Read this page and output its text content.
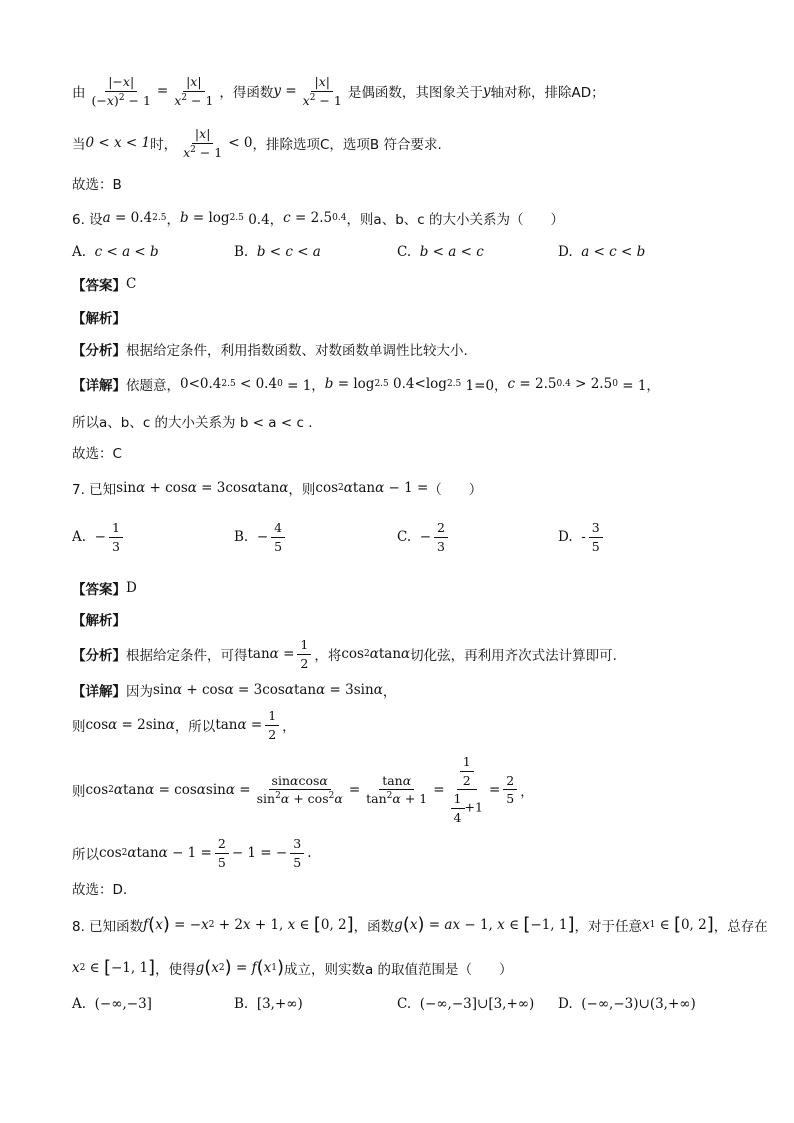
由 $\frac{|-x|}{(-x)^2 - 1} = \frac{|x|}{x^2 - 1}$ ，得函数 $y = \frac{|x|}{x^2 - 1}$ 是偶函数，其图象关于 y 轴对称，排除AD；
当 0 < x < 1 时， $\frac{|x|}{x^2 - 1} < 0$ ，排除选项C，选项B 符合要求.
故选：B
6. 设 a = 0.4 2.5 ， b = log 2.5 0.4， c = 2.5 0.4 ，则a、b、c 的大小关系为（　　）
A.
c < a < b	B.
b < c < a	C.
b < a < c	D.
a < c < b
【答案】 C
【解析】
【分析】 根据给定条件，利用指数函数、对数函数单调性比较大小.
【详解】 依题意， 0<0.4 2.5 < 0.4 0 = 1， b = log 2.5 0.4<log 2.5 1=0， c = 2.5 0.4 > 2.5 0 = 1，
所以a、b、c 的大小关系为 b < a < c .
故选：C
7. 已知 sin α + cos α = 3cos α tan α ，则 cos 2 α tan α − 1 = （　　）
A.
− $\frac{1}{3}$	B.
− $\frac{4}{5}$	C.
− $\frac{2}{3}$	D.
- $\frac{3}{5}$
【答案】 D
【解析】
【分析】 根据给定条件，可得 $\tan \alpha = \frac{1}{2}$ ，将 cos 2 α tan α 切化弦，再利用齐次式法计算即可.
【详解】 因为 sin α + cos α = 3cos α tan α = 3sin α ，
则 cos α = 2sin α ，所以 $\tan \alpha = \frac{1}{2}$ ，
则 cos 2 α tan α = cos α $\sin \alpha = \frac{\sin\alpha\cos\alpha}{\sin^2\alpha + \cos^2\alpha} = \frac{\tan\alpha}{\tan^2\alpha + 1} = \frac{\frac{1}{2}}{\frac{1}{4} +1} = \frac{2}{5}$ ，
所以 cos 2 α $\tan \alpha - 1 = \frac{2}{5} - 1$ = − $\frac{3}{5}$ .
故选：D.
8. 已知函数 f ( x ) = − x 2 + 2 x + 1, x ∈ [ 0, 2 ] ，函数 g ( x ) = ax − 1, x ∈ [ −1, 1 ] ，对于任意 x 1 ∈ [ 0, 2 ] ，总存在
x 2 ∈ [ −1, 1 ] ，使得 g ( x 2 ) = f ( x 1 ) 成立，则实数a 的取值范围是（　　）
A.
(−∞,−3]	B.
[3,+∞)	C.
(−∞,−3]∪[3,+∞) D.
(−∞,−3)∪(3,+∞)
